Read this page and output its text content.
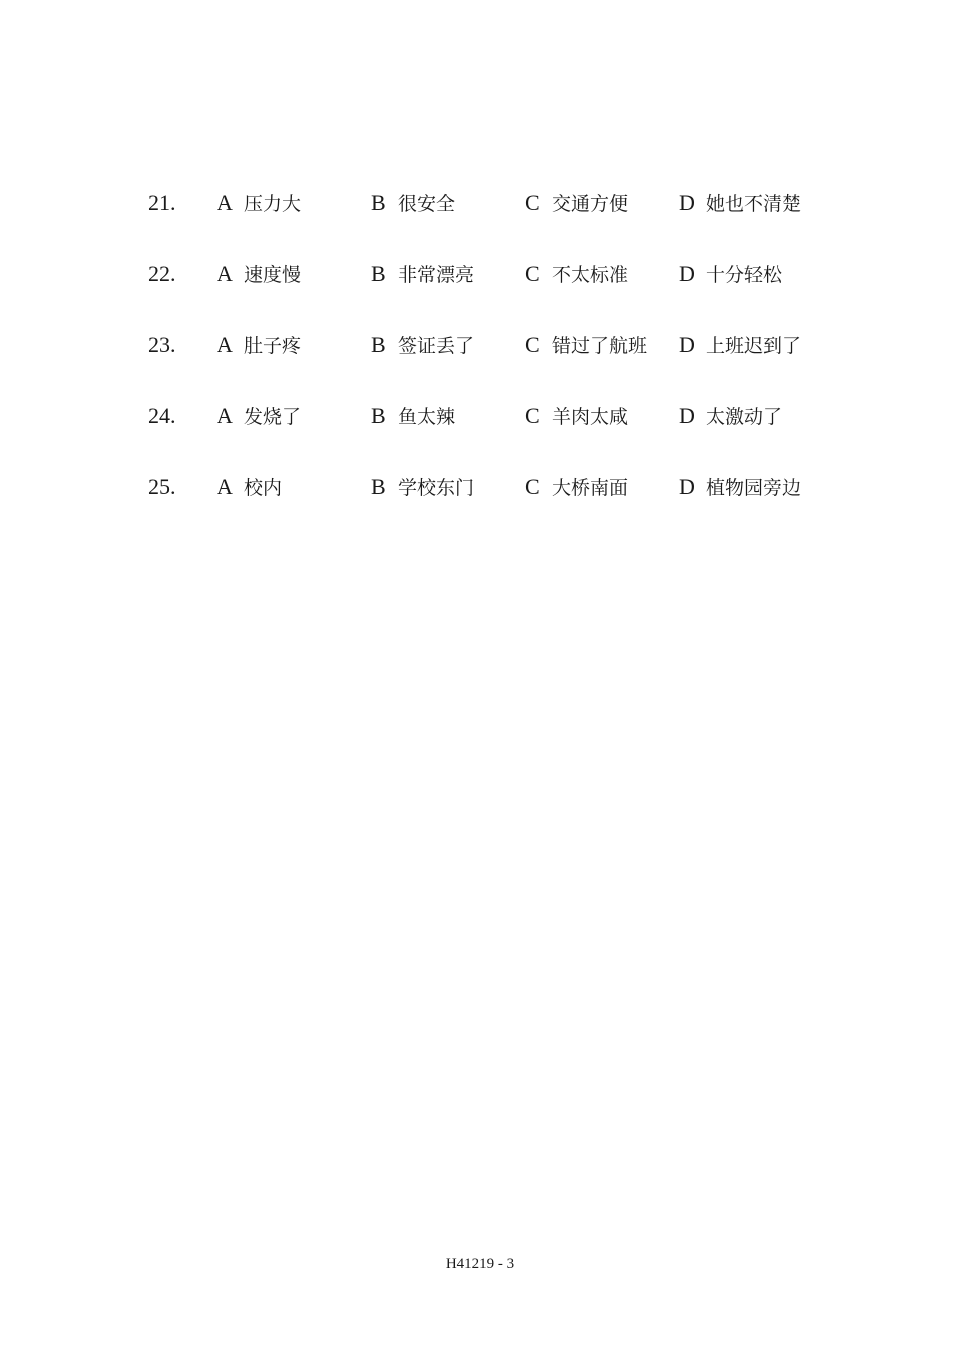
21. A 压力大	B 很安全	C 交通方便 D 她也不清楚
22. A 速度慢	B 非常漂亮 C 不太标准 D 十分轻松
23. A 肚子疼	B 签证丢了 C 错过了航班 D 上班迟到了
24. A 发烧了	B 鱼太辣	C 羊肉太咸 D 太激动了
25. A 校内	B 学校东门 C 大桥南面 D 植物园旁边
H41219 - 3
